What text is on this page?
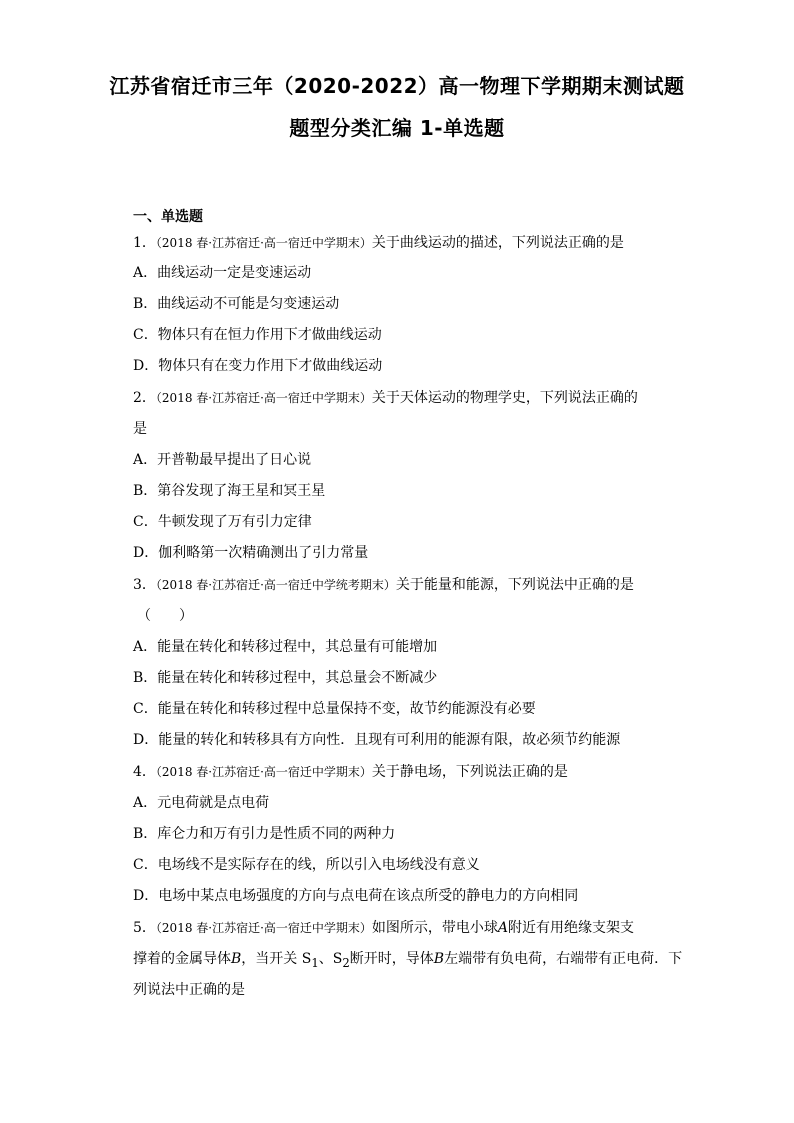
江苏省宿迁市三年（2020-2022）高一物理下学期期末测试题
题型分类汇编 1-单选题
一、单选题
1．（2018 春·江苏宿迁·高一宿迁中学期末）关于曲线运动的描述，下列说法正确的是
A．曲线运动一定是变速运动
B．曲线运动不可能是匀变速运动
C．物体只有在恒力作用下才做曲线运动
D．物体只有在变力作用下才做曲线运动
2．（2018 春·江苏宿迁·高一宿迁中学期末）关于天体运动的物理学史，下列说法正确的
是
A．开普勒最早提出了日心说
B．第谷发现了海王星和冥王星
C．牛顿发现了万有引力定律
D．伽利略第一次精确测出了引力常量
3．（2018 春·江苏宿迁·高一宿迁中学统考期末）关于能量和能源，下列说法中正确的是
（　　）
A．能量在转化和转移过程中，其总量有可能增加
B．能量在转化和转移过程中，其总量会不断减少
C．能量在转化和转移过程中总量保持不变，故节约能源没有必要
D．能量的转化和转移具有方向性．且现有可利用的能源有限，故必须节约能源
4．（2018 春·江苏宿迁·高一宿迁中学期末）关于静电场，下列说法正确的是
A．元电荷就是点电荷
B．库仑力和万有引力是性质不同的两种力
C．电场线不是实际存在的线，所以引入电场线没有意义
D．电场中某点电场强度的方向与点电荷在该点所受的静电力的方向相同
5．（2018 春·江苏宿迁·高一宿迁中学期末）如图所示，带电小球A附近有用绝缘支架支
撑着的金属导体B，当开关 $S_1$、$S_2$断开时，导体B左端带有负电荷，右端带有正电荷．下
列说法中正确的是
